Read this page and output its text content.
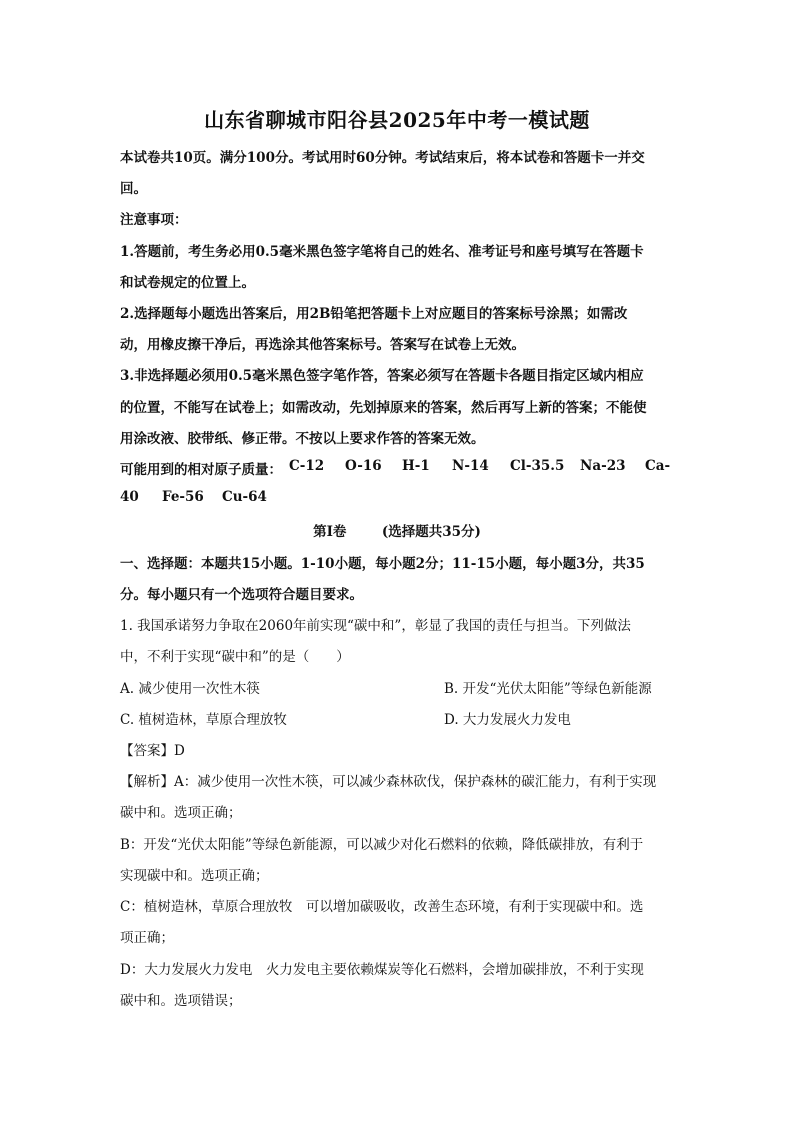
山东省聊城市阳谷县2025年中考一模试题
本试卷共10页。满分100分。考试用时60分钟。考试结束后，将本试卷和答题卡一并交
回。
注意事项：
1.答题前，考生务必用0.5毫米黑色签字笔将自己的姓名、准考证号和座号填写在答题卡
和试卷规定的位置上。
2.选择题每小题选出答案后，用2B铅笔把答题卡上对应题目的答案标号涂黑；如需改
动，用橡皮擦干净后，再选涂其他答案标号。答案写在试卷上无效。
3.非选择题必须用0.5毫米黑色签字笔作答，答案必须写在答题卡各题目指定区域内相应
的位置，不能写在试卷上；如需改动，先划掉原来的答案，然后再写上新的答案；不能使
用涂改液、胶带纸、修正带。不按以上要求作答的答案无效。
可能用到的相对原子质量： C-12 O-16 H-1 N-14 Cl-35.5 Na-23 Ca-
40 Fe-56 Cu-64
第I卷	(选择题共35分)
一、选择题：本题共15小题。1-10小题，每小题2分；11-15小题，每小题3分，共35
分。每小题只有一个选项符合题目要求。
1. 我国承诺努力争取在2060年前实现“碳中和”，彰显了我国的责任与担当。下列做法
中，不利于实现“碳中和”的是（　　）
A. 减少使用一次性木筷	B. 开发“光伏太阳能”等绿色新能源
C. 植树造林，草原合理放牧	D. 大力发展火力发电
【答案】D
【解析】A：减少使用一次性木筷，可以减少森林砍伐，保护森林的碳汇能力，有利于实现
碳中和。选项正确；
B：开发“光伏太阳能”等绿色新能源，可以减少对化石燃料的依赖，降低碳排放，有利于
实现碳中和。选项正确；
C：植树造林，草原合理放牧　可以增加碳吸收，改善生态环境，有利于实现碳中和。选
项正确；
D：大力发展火力发电　火力发电主要依赖煤炭等化石燃料，会增加碳排放，不利于实现
碳中和。选项错误；
